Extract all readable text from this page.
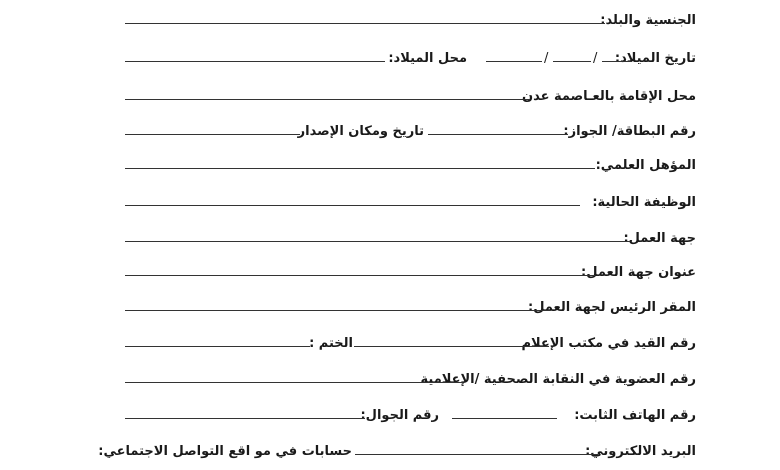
الجنسية والبلد:
تاريخ الميلاد:
/
/
محل الميلاد:
محل الإقامة بالعـاصمة عدن
رقم البطاقة/ الجواز:
تاريخ ومكان الإصدار
المؤهل العلمي:
الوظيفة الحالية:
جهة العمل:
عنوان جهة العمل:
المقر الرئيس لجهة العمل:
رقم القيد في مكتب الإعلام
الختم :
رقم العضوية في النقابة الصحفية /الإعلامية
رقم الهاتف الثابت:
رقم الجوال:
البريد الالكتروني:
حسابات في مو اقع التواصل الاجتماعي:
